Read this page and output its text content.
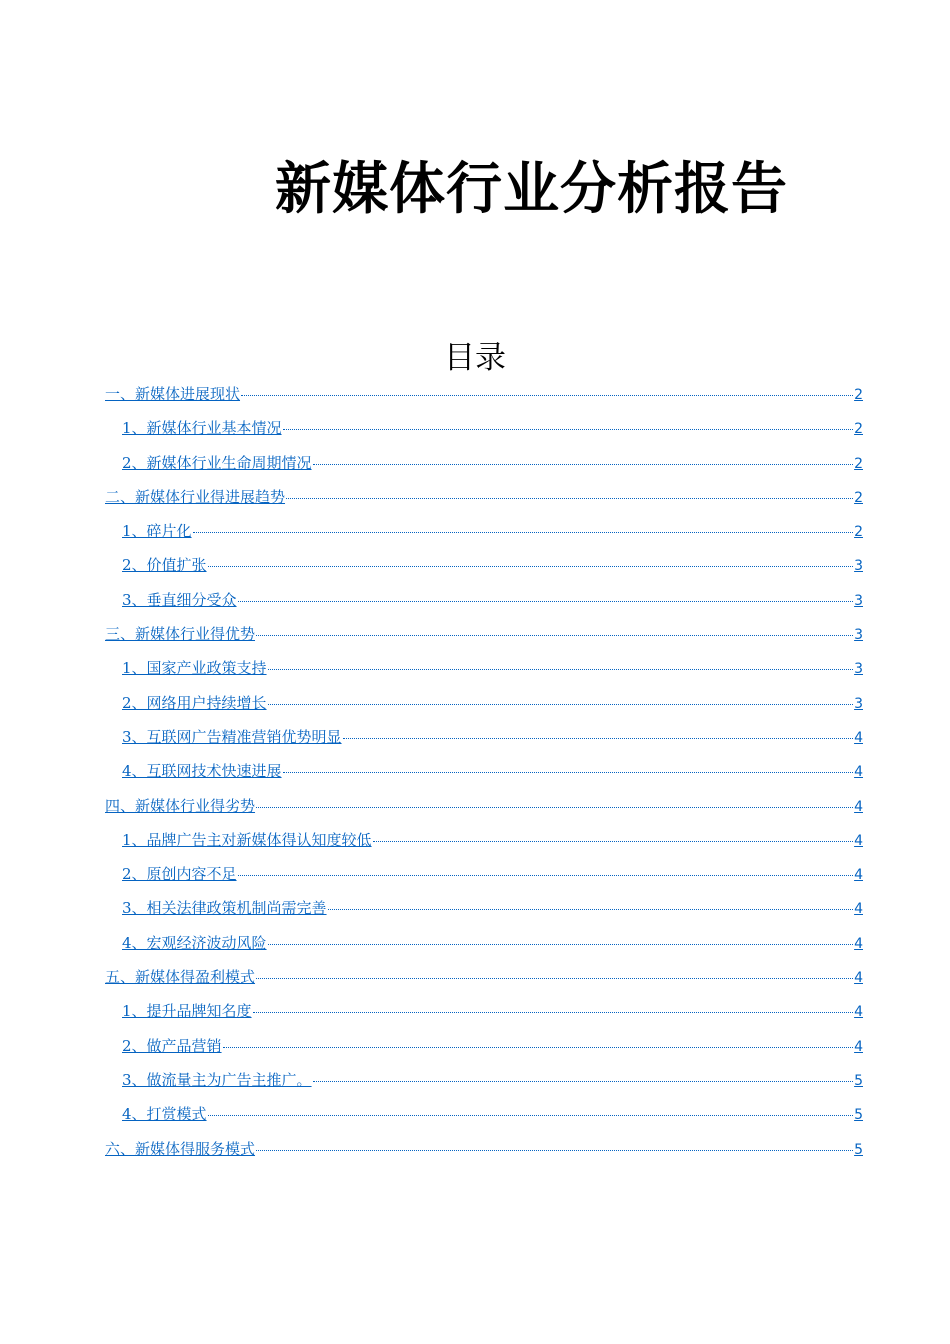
新媒体行业分析报告
目录
一、新媒体进展现状	2
1、新媒体行业基本情况	2
2、新媒体行业生命周期情况	2
二、新媒体行业得进展趋势	2
1、碎片化	2
2、价值扩张	3
3、垂直细分受众	3
三、新媒体行业得优势	3
1、国家产业政策支持	3
2、网络用户持续增长	3
3、互联网广告精准营销优势明显	4
4、互联网技术快速进展	4
四、新媒体行业得劣势	4
1、品牌广告主对新媒体得认知度较低	4
2、原创内容不足	4
3、相关法律政策机制尚需完善	4
4、宏观经济波动风险	4
五、新媒体得盈利模式	4
1、提升品牌知名度	4
2、做产品营销	4
3、做流量主为广告主推广。	5
4、打赏模式	5
六、新媒体得服务模式	5
